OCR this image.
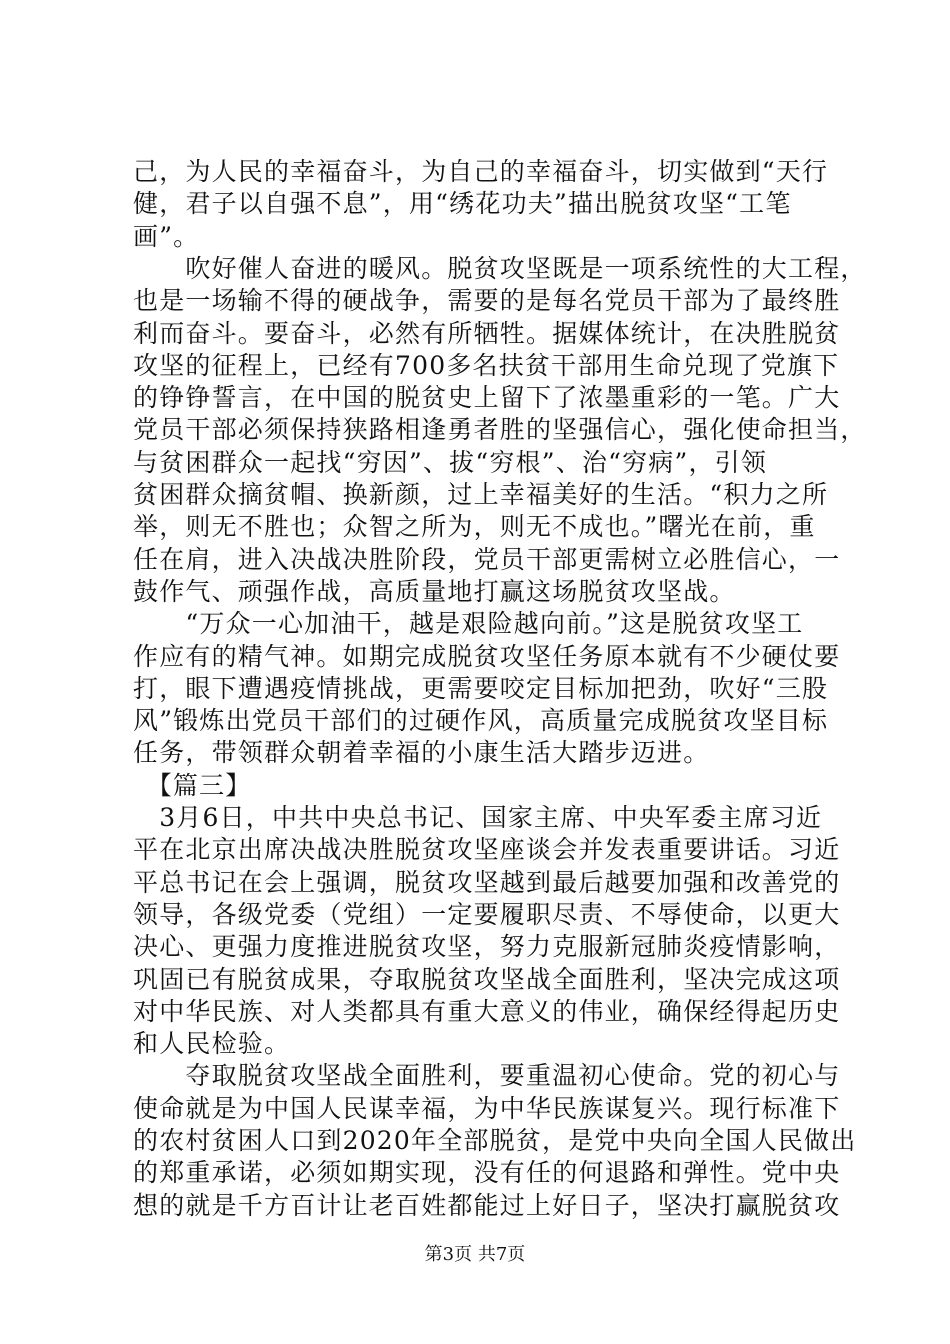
己，为人民的幸福奋斗，为自己的幸福奋斗，切实做到“天行
健，君子以自强不息”，用“绣花功夫”描出脱贫攻坚“工笔
画”。
　　吹好催人奋进的暖风。脱贫攻坚既是一项系统性的大工程，
也是一场输不得的硬战争，需要的是每名党员干部为了最终胜
利而奋斗。要奋斗，必然有所牺牲。据媒体统计，在决胜脱贫
攻坚的征程上，已经有700多名扶贫干部用生命兑现了党旗下
的铮铮誓言，在中国的脱贫史上留下了浓墨重彩的一笔。广大
党员干部必须保持狭路相逢勇者胜的坚强信心，强化使命担当，
与贫困群众一起找“穷因”、拔“穷根”、治“穷病”，引领
贫困群众摘贫帽、换新颜，过上幸福美好的生活。“积力之所
举，则无不胜也；众智之所为，则无不成也。”曙光在前，重
任在肩，进入决战决胜阶段，党员干部更需树立必胜信心，一
鼓作气、顽强作战，高质量地打赢这场脱贫攻坚战。
　　“万众一心加油干，越是艰险越向前。”这是脱贫攻坚工
作应有的精气神。如期完成脱贫攻坚任务原本就有不少硬仗要
打，眼下遭遇疫情挑战，更需要咬定目标加把劲，吹好“三股
风”锻炼出党员干部们的过硬作风，高质量完成脱贫攻坚目标
任务，带领群众朝着幸福的小康生活大踏步迈进。
　【篇三】
　3月6日，中共中央总书记、国家主席、中央军委主席习近
平在北京出席决战决胜脱贫攻坚座谈会并发表重要讲话。习近
平总书记在会上强调，脱贫攻坚越到最后越要加强和改善党的
领导，各级党委（党组）一定要履职尽责、不辱使命，以更大
决心、更强力度推进脱贫攻坚，努力克服新冠肺炎疫情影响，
巩固已有脱贫成果，夺取脱贫攻坚战全面胜利，坚决完成这项
对中华民族、对人类都具有重大意义的伟业，确保经得起历史
和人民检验。
　　夺取脱贫攻坚战全面胜利，要重温初心使命。党的初心与
使命就是为中国人民谋幸福，为中华民族谋复兴。现行标准下
的农村贫困人口到2020年全部脱贫，是党中央向全国人民做出
的郑重承诺，必须如期实现，没有任的何退路和弹性。党中央
想的就是千方百计让老百姓都能过上好日子，坚决打赢脱贫攻
第3页 共7页
